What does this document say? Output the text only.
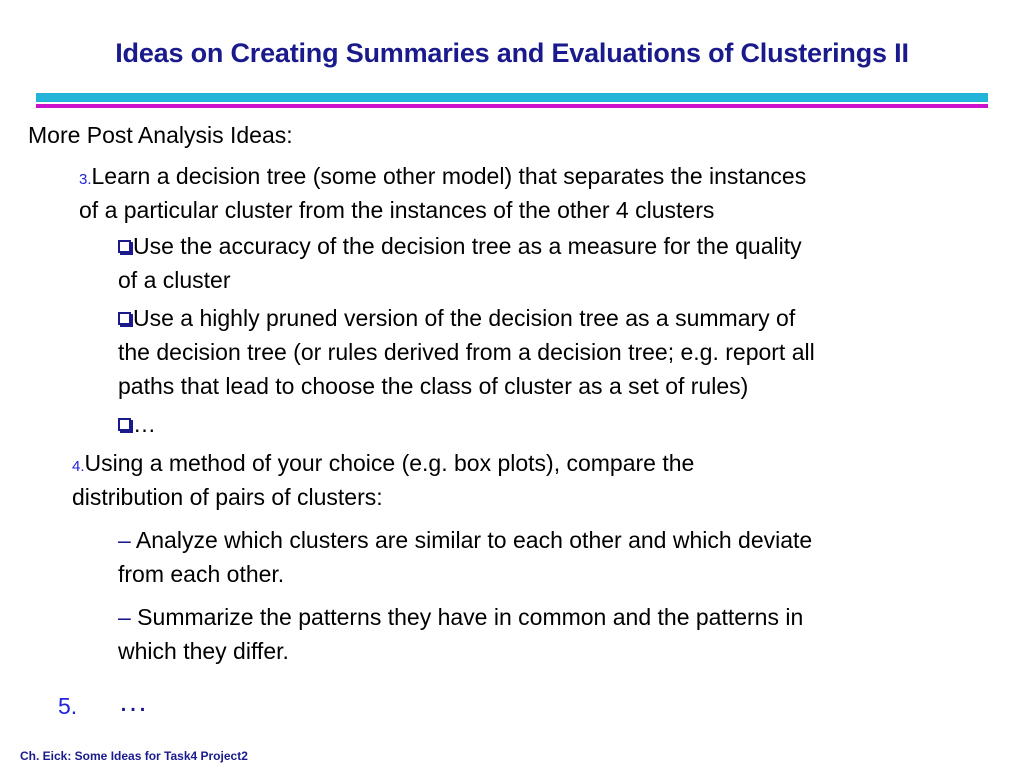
Ideas on Creating Summaries and Evaluations of Clusterings II
More Post Analysis Ideas:
3.Learn a decision tree (some other model) that separates the instances
of a particular cluster from the instances of the other 4 clusters
Use the accuracy of the decision tree as a measure for the quality
of a cluster
Use a highly pruned version of the decision tree as a summary of
the decision tree (or rules derived from a decision tree; e.g. report all
paths that lead to choose the class of cluster as a set of rules)
…
4.Using a method of your choice (e.g. box plots), compare the
distribution of pairs of clusters:
– Analyze which clusters are similar to each other and which deviate
from each other.
– Summarize the patterns they have in common and the patterns in
which they differ.
5. …
Ch. Eick: Some Ideas for Task4 Project2
